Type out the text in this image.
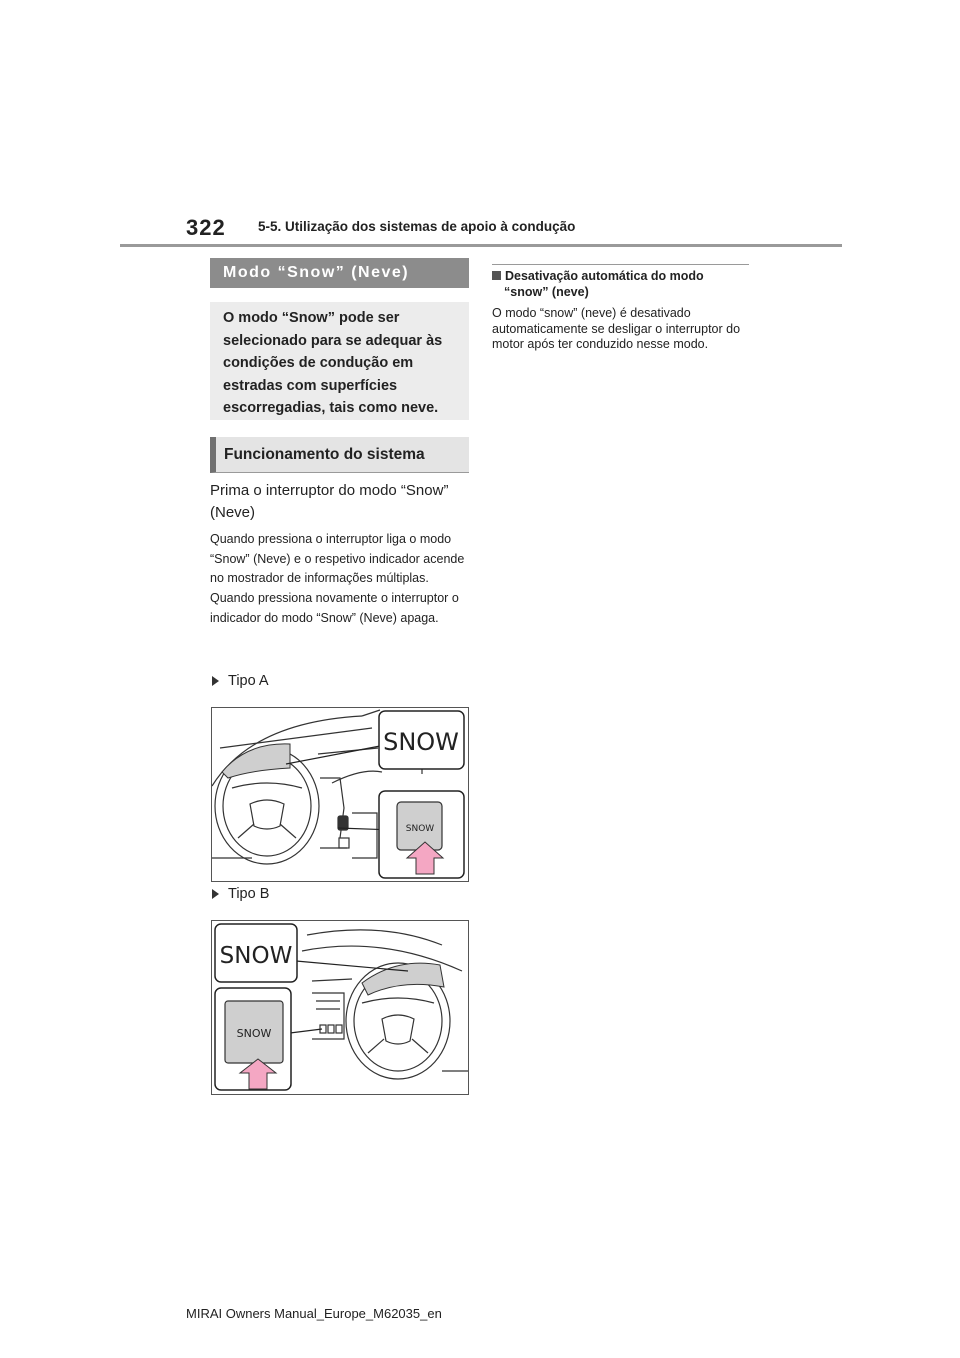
322 5-5. Utilização dos sistemas de apoio à condução
Modo “Snow” (Neve)
O modo “Snow” pode ser selecionado para se adequar às condições de condução em estradas com superfícies escorregadias, tais como neve.
Funcionamento do sistema
Prima o interruptor do modo “Snow” (Neve)
Quando pressiona o interruptor liga o modo “Snow” (Neve) e o respetivo indicador acende no mostrador de informações múltiplas. Quando pressiona novamente o interruptor o indicador do modo “Snow” (Neve) apaga.
Tipo A
SNOW
SNOW
Tipo B
SNOW
SNOW
Desativação automática do modo
“snow” (neve)
O modo “snow” (neve) é desativado automaticamente se desligar o interruptor do motor após ter conduzido nesse modo.
MIRAI Owners Manual_Europe_M62035_en
